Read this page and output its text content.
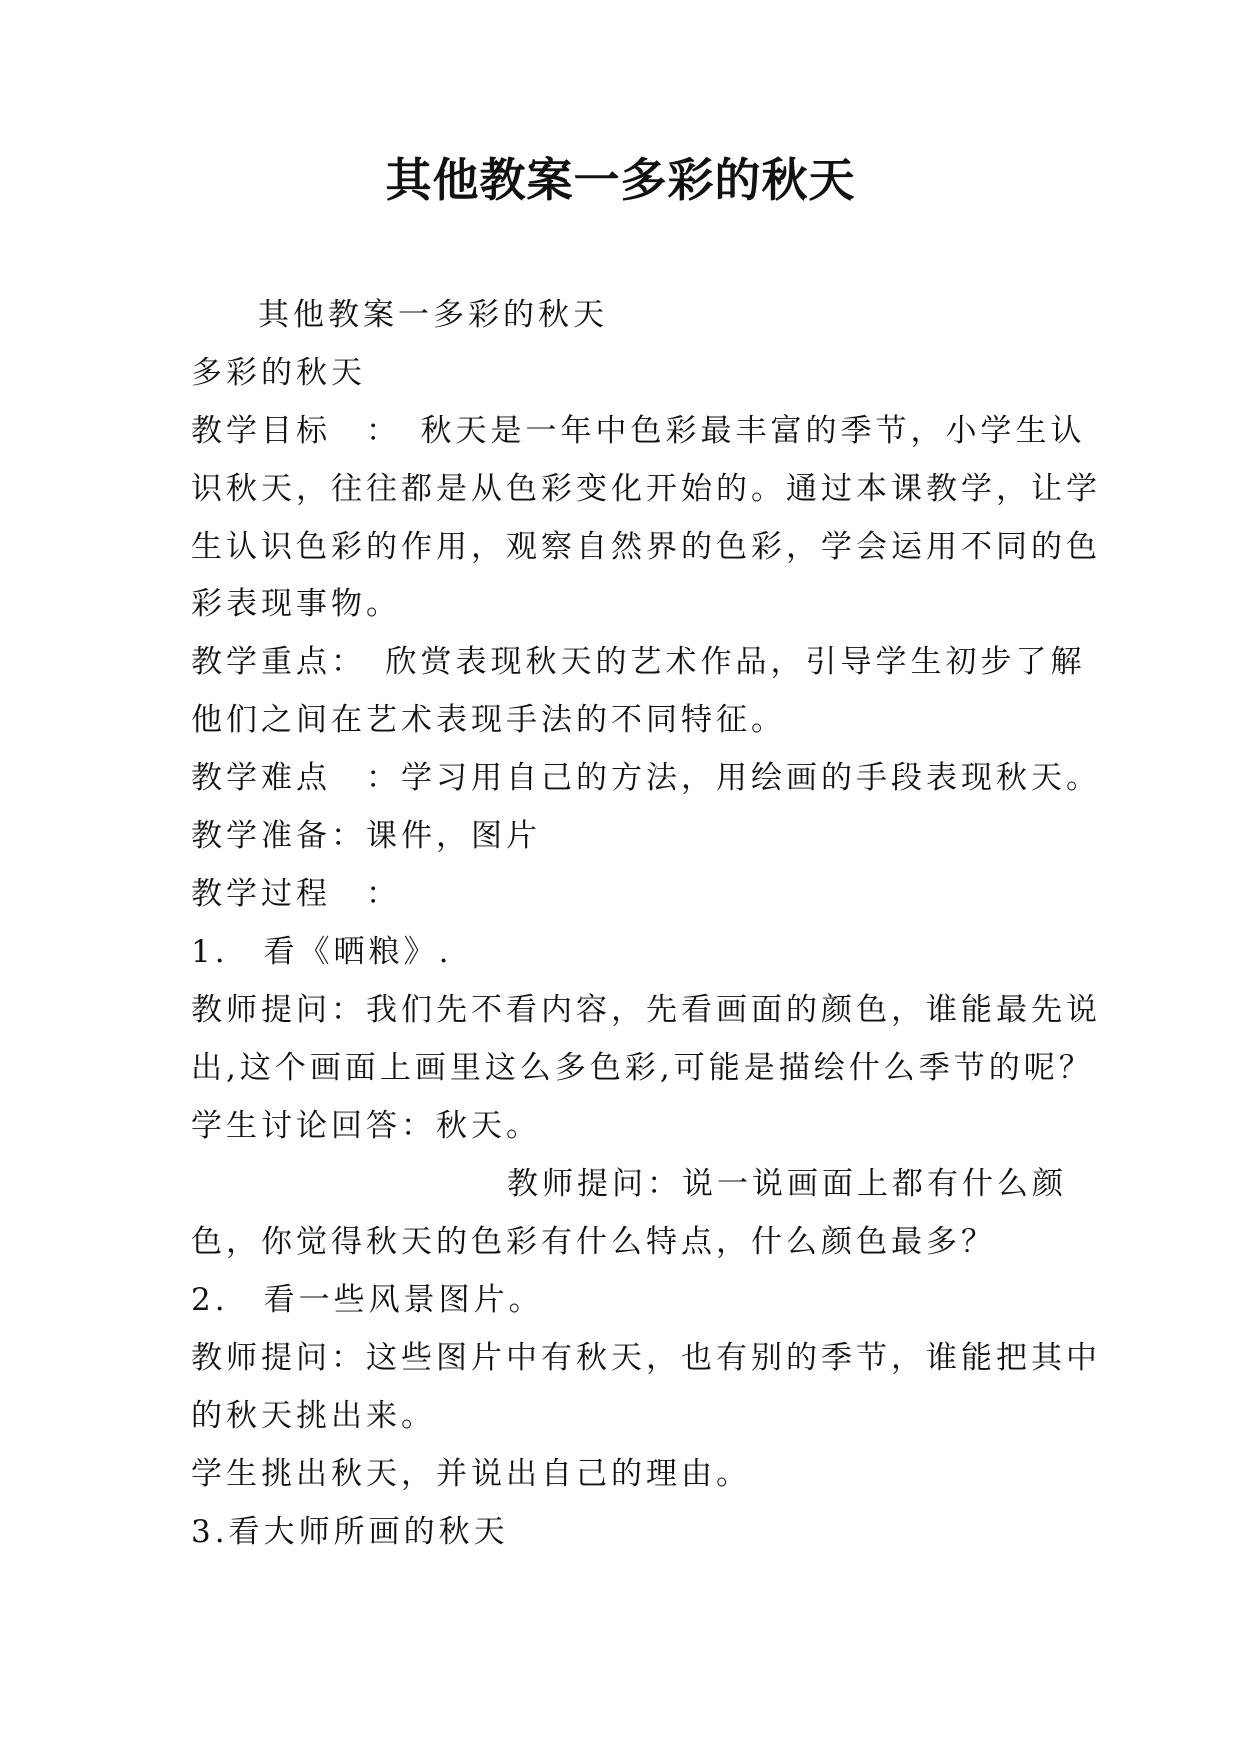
其他教案一多彩的秋天
其他教案一多彩的秋天
多彩的秋天
教学目标　：　秋天是一年中色彩最丰富的季节，小学生认
识秋天，往往都是从色彩变化开始的。通过本课教学，让学
生认识色彩的作用，观察自然界的色彩，学会运用不同的色
彩表现事物。
教学重点：　欣赏表现秋天的艺术作品，引导学生初步了解
他们之间在艺术表现手法的不同特征。
教学难点　：学习用自己的方法，用绘画的手段表现秋天。
教学准备：课件，图片
教学过程　：
1.　看《晒粮》.
教师提问：我们先不看内容，先看画面的颜色，谁能最先说
出,这个画面上画里这么多色彩,可能是描绘什么季节的呢？
学生讨论回答：秋天。
教师提问：说一说画面上都有什么颜
色，你觉得秋天的色彩有什么特点，什么颜色最多？
2.　看一些风景图片。
教师提问：这些图片中有秋天，也有别的季节，谁能把其中
的秋天挑出来。
学生挑出秋天，并说出自己的理由。
3.看大师所画的秋天
